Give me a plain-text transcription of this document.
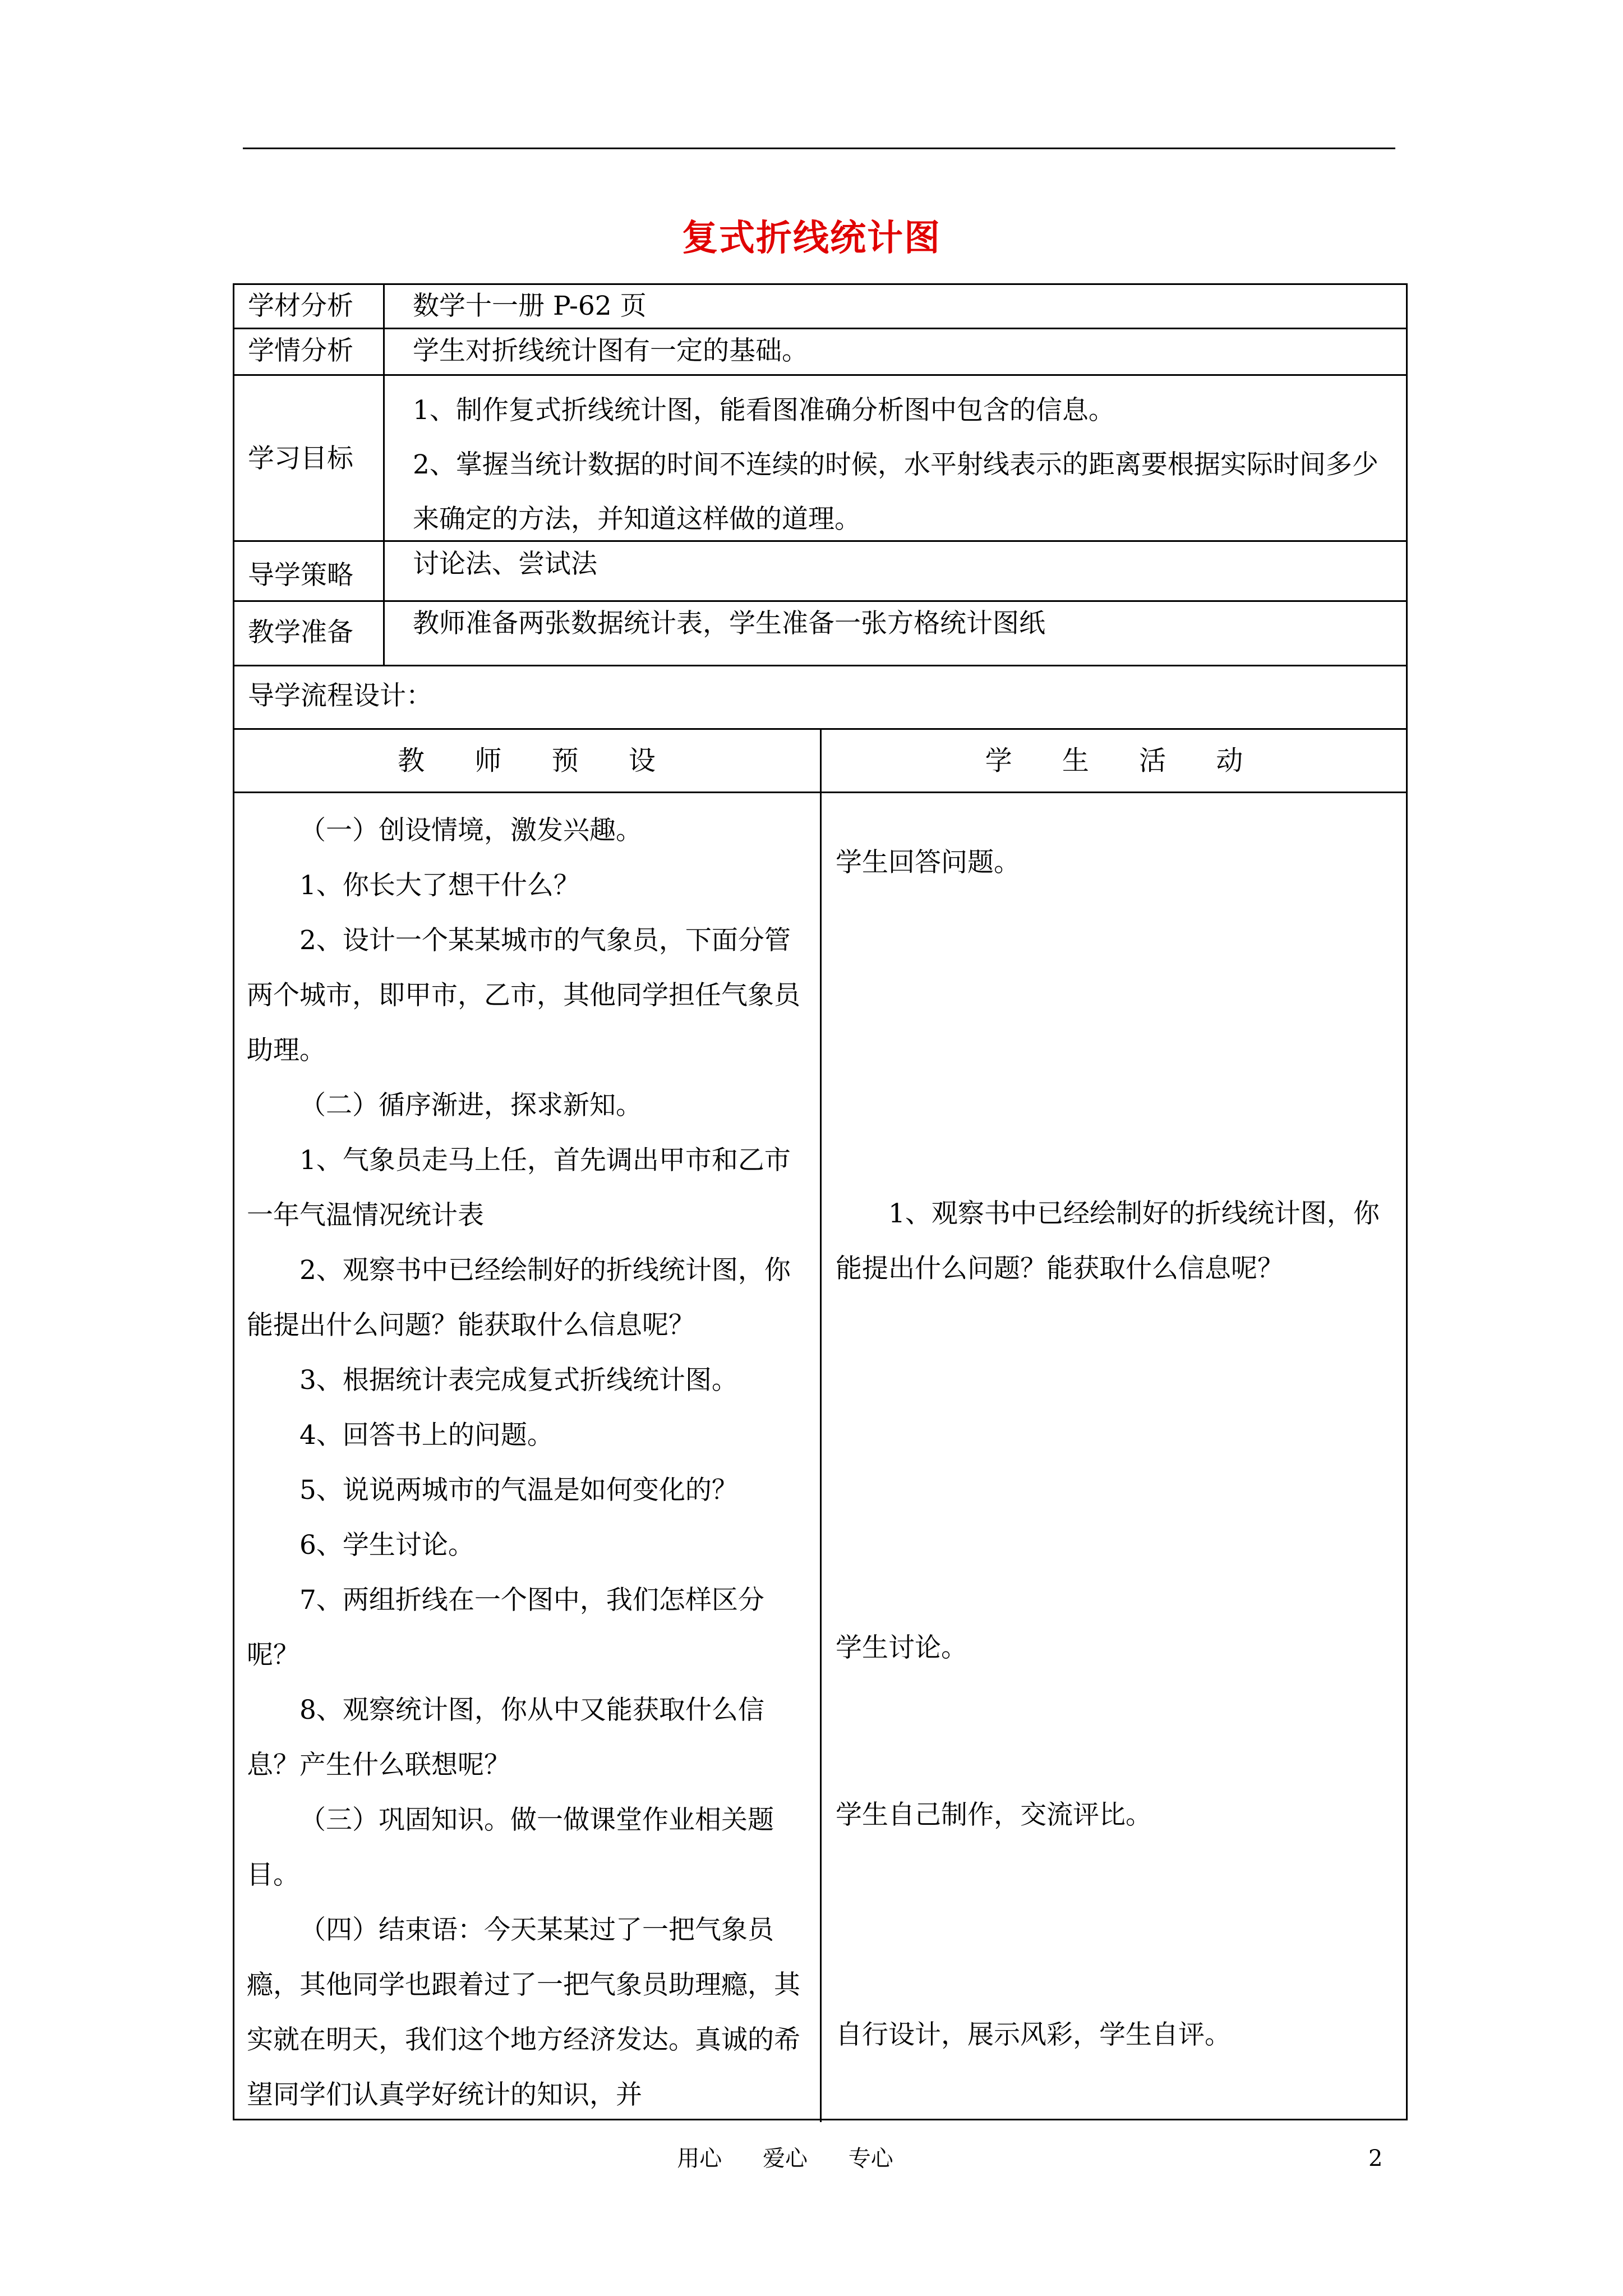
复式折线统计图
学材分析 数学十一册 P-62 页
学情分析 学生对折线统计图有一定的基础。
学习目标

1、制作复式折线统计图，能看图准确分析图中包含的信息。

2、掌握当统计数据的时间不连续的时候，水平射线表示的距离要根据实际时间多少来确定的方法，并知道这样做的道理。

导学策略 讨论法、尝试法
教学准备 教师准备两张数据统计表，学生准备一张方格统计图纸
导学流程设计：
教 师 预 设	学 生 活 动

（一）创设情境，激发兴趣。

1、你长大了想干什么？

2、设计一个某某城市的气象员，下面分管两个城市，即甲市，乙市，其他同学担任气象员助理。

（二）循序渐进，探求新知。

1、气象员走马上任，首先调出甲市和乙市一年气温情况统计表

2、观察书中已经绘制好的折线统计图，你能提出什么问题？能获取什么信息呢？

3、根据统计表完成复式折线统计图。

4、回答书上的问题。

5、说说两城市的气温是如何变化的？

6、学生讨论。

7、两组折线在一个图中，我们怎样区分呢？

8、观察统计图，你从中又能获取什么信息？产生什么联想呢？

（三）巩固知识。做一做课堂作业相关题目。

（四）结束语：今天某某过了一把气象员瘾，其他同学也跟着过了一把气象员助理瘾，其实就在明天，我们这个地方经济发达。真诚的希望同学们认真学好统计的知识，并

学生回答问题。

1、观察书中已经绘制好的折线统计图，你能提出什么问题？能获取什么信息呢？

学生讨论。
学生自己制作，交流评比。
自行设计，展示风彩，学生自评。
用心 爱心 专心	2
